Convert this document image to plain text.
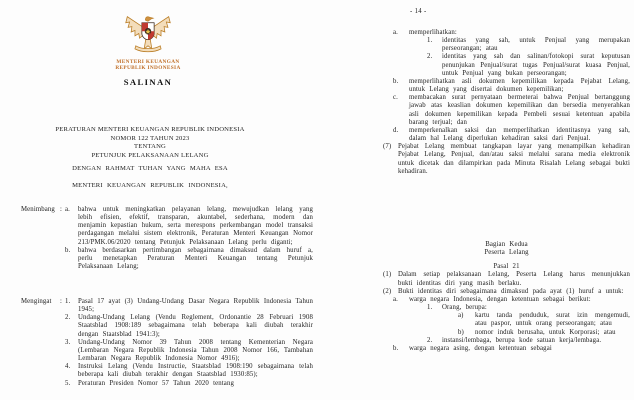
MENTERI KEUANGAN
REPUBLIK INDONESIA
SALINAN
PERATURAN MENTERI KEUANGAN REPUBLIK INDONESIA
NOMOR 122 TAHUN 2023
TENTANG
PETUNJUK PELAKSANAAN LELANG
DENGAN RAHMAT TUHAN YANG MAHA ESA
MENTERI KEUANGAN REPUBLIK INDONESIA,
Menimbang : a.	bahwa untuk meningkatkan pelayanan lelang, mewujudkan lelang yang lebih efisien, efektif, transparan, akuntabel, sederhana, modern dan menjamin kepastian hukum, serta merespons perkembangan model transaksi perdagangan melalui sistem elektronik, Peraturan Menteri Keuangan Nomor 213/PMK.06/2020 tentang Petunjuk Pelaksanaan Lelang perlu diganti;
b.	bahwa berdasarkan pertimbangan sebagaimana dimaksud dalam huruf a, perlu menetapkan Peraturan Menteri Keuangan tentang Petunjuk Pelaksanaan Lelang;
Mengingat : 1.	Pasal 17 ayat (3) Undang-Undang Dasar Negara Republik Indonesia Tahun 1945;
2.	Undang-Undang Lelang (Vendu Reglement, Ordonantie 28 Februari 1908 Staatsblad 1908:189 sebagaimana telah beberapa kali diubah terakhir dengan Staatsblad 1941:3);
3.	Undang-Undang Nomor 39 Tahun 2008 tentang Kementerian Negara (Lembaran Negara Republik Indonesia Tahun 2008 Nomor 166, Tambahan Lembaran Negara Republik Indonesia Nomor 4916);
4.	Instruksi Lelang (Vendu Instructie, Staatsblad 1908:190 sebagaimana telah beberapa kali diubah terakhir dengan Staatsblad 1930:85);
5.	Peraturan Presiden Nomor 57 Tahun 2020 tentang
- 14 -
a.	memperlihatkan:
1.	identitas yang sah, untuk Penjual yang merupakan perseorangan; atau
2.	identitas yang sah dan salinan/fotokopi surat keputusan penunjukan Penjual/surat tugas Penjual/surat kuasa Penjual, untuk Penjual yang bukan perseorangan;
b.	memperlihatkan asli dokumen kepemilikan kepada Pejabat Lelang, untuk Lelang yang disertai dokumen kepemilikan;
c.	membacakan surat pernyataan bermeterai bahwa Penjual bertanggung jawab atas keaslian dokumen kepemilikan dan bersedia menyerahkan asli dokumen kepemilikan kepada Pembeli sesuai ketentuan apabila barang terjual; dan
d.	memperkenalkan saksi dan memperlihatkan identitasnya yang sah, dalam hal Lelang diperlukan kehadiran saksi dari Penjual.
(7) Pejabat Lelang membuat tangkapan layar yang menampilkan kehadiran Pejabat Lelang, Penjual, dan/atau saksi melalui sarana media elektronik untuk dicetak dan dilampirkan pada Minuta Risalah Lelang sebagai bukti kehadiran.
Bagian Kedua
Peserta Lelang
Pasal 21
(1) Dalam setiap pelaksanaan Lelang, Peserta Lelang harus menunjukkan bukti identitas diri yang masih berlaku.
(2) Bukti identitas diri sebagaimana dimaksud pada ayat (1) huruf a untuk:
a.	warga negara Indonesia, dengan ketentuan sebagai berikut:
1.	Orang, berupa:
a)	kartu tanda penduduk, surat izin mengemudi, atau paspor, untuk orang perseorangan; atau
b)	nomor induk berusaha, untuk Korporasi; atau
2.	instansi/lembaga, berupa kode satuan kerja/lembaga.
b.	warga negara asing, dengan ketentuan sebagai
